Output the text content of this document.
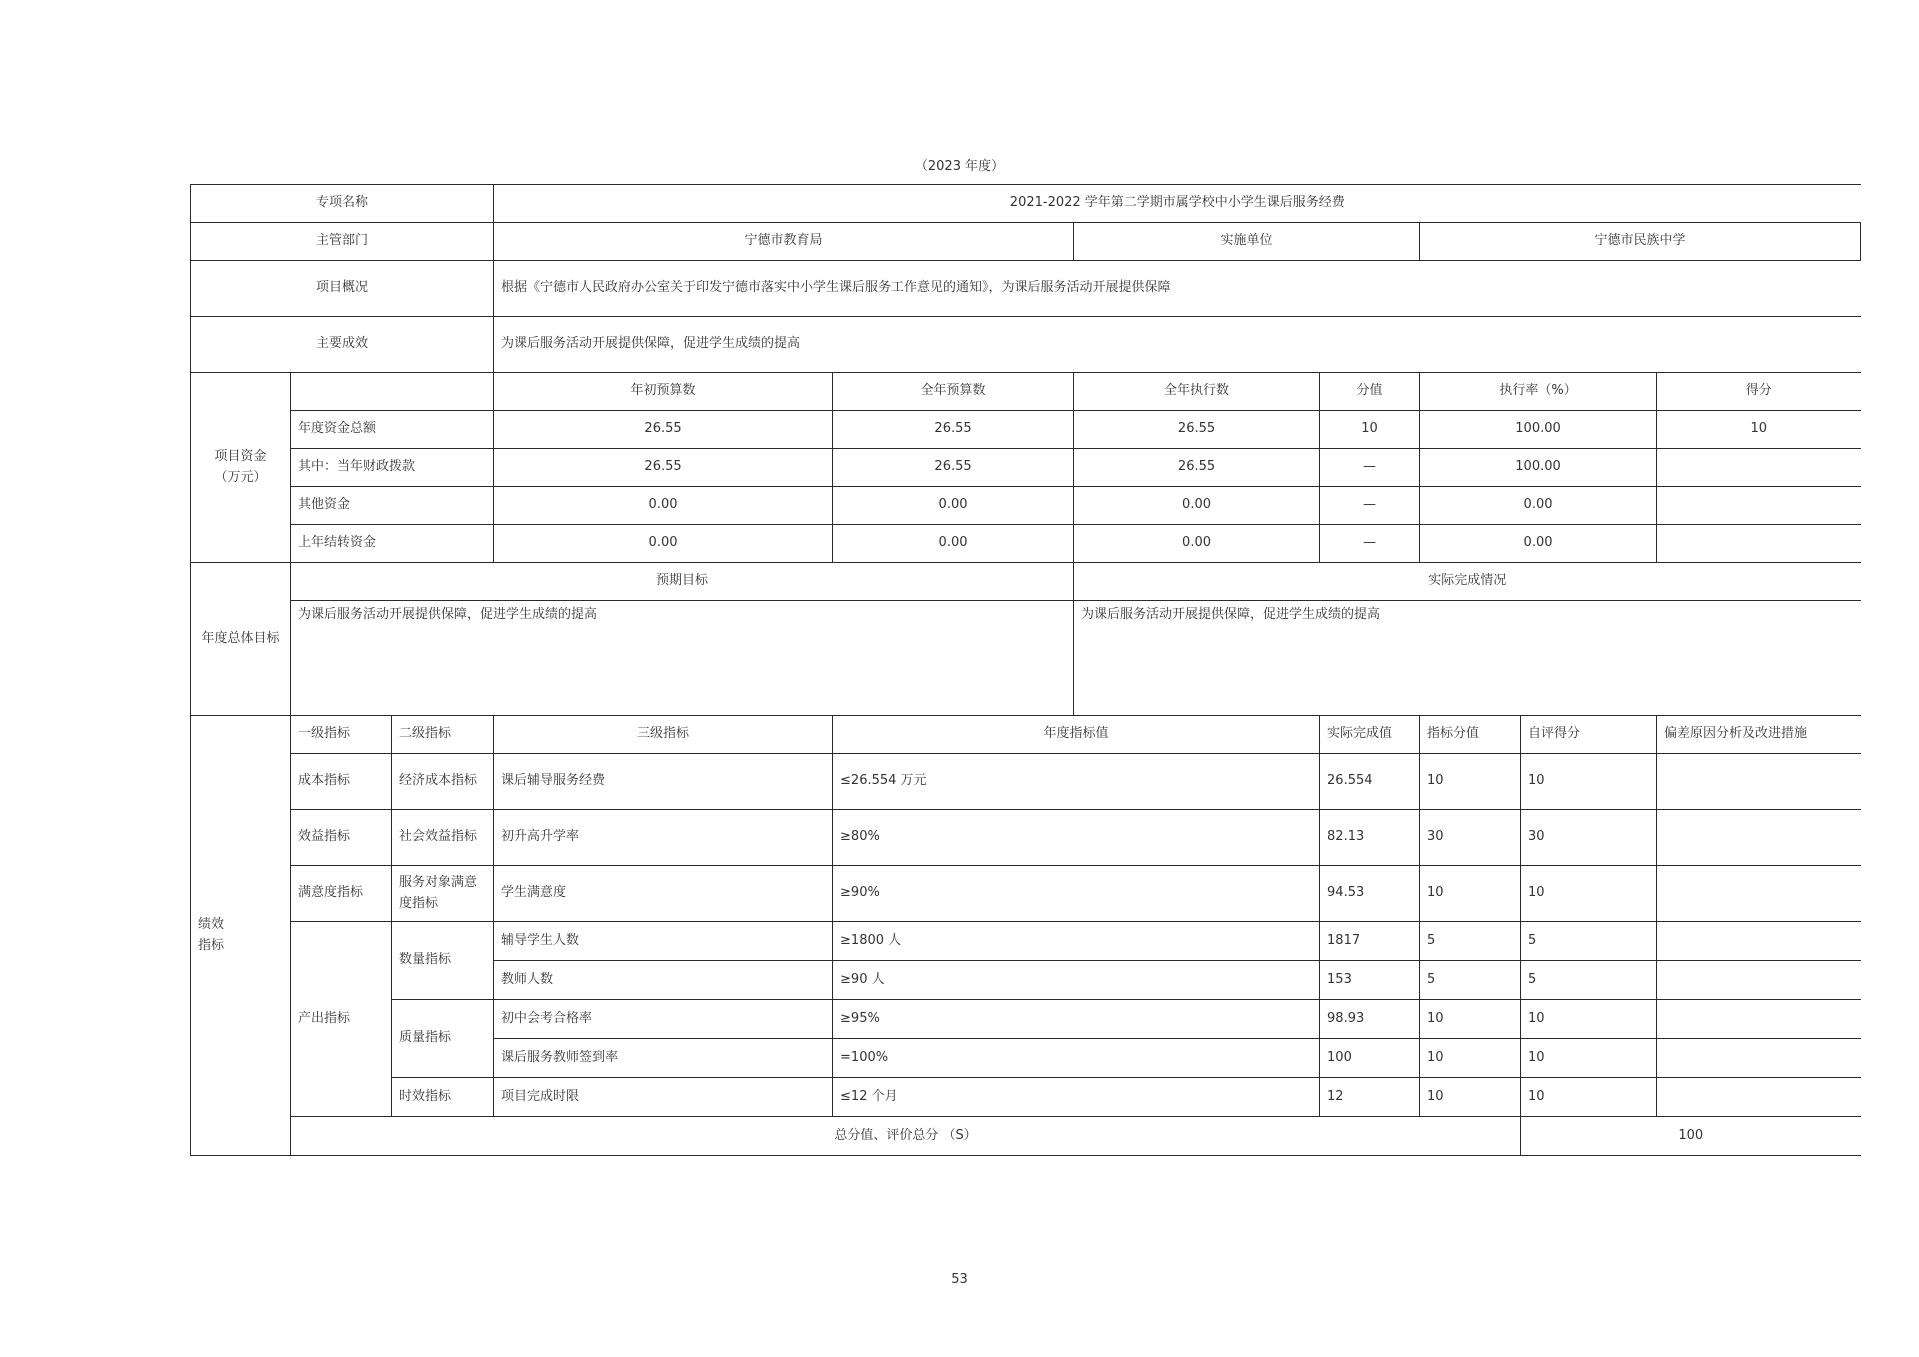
（2023 年度）
专项名称			2021-2022 学年第二学期市属学校中小学生课后服务经费						
主管部门			宁德市教育局		实施单位		宁德市民族中学		
项目概况			根据《宁德市人民政府办公室关于印发宁德市落实中小学生课后服务工作意见的通知》，为课后服务活动开展提供保障						
主要成效			为课后服务活动开展提供保障，促进学生成绩的提高						

项目资金
（万元）			年初预算数	全年预算数	全年执行数	分值	执行率（%）		得分
	年度资金总额		26.55	26.55	26.55	10	100.00		10
	其中：当年财政拨款		26.55	26.55	26.55	—	100.00		
	其他资金		0.00	0.00	0.00	—	0.00		
	上年结转资金		0.00	0.00	0.00	—	0.00		
年度总体目标	预期目标				实际完成情况				
	为课后服务活动开展提供保障，促进学生成绩的提高				为课后服务活动开展提供保障，促进学生成绩的提高				

绩效
指标	一级指标	二级指标	三级指标	年度指标值		实际完成值	指标分值	自评得分	偏差原因分析及改进措施
	成本指标	经济成本指标	课后辅导服务经费	≤26.554 万元		26.554	10	10	
	效益指标	社会效益指标	初升高升学率	≥80%		82.13	30	30	
	满意度指标	服务对象满意度指标	学生满意度	≥90%		94.53	10	10	
	产出指标	数量指标	辅导学生人数	≥1800 人		1817	5	5	
			教师人数	≥90 人		153	5	5	
		质量指标	初中会考合格率	≥95%		98.93	10	10	
			课后服务教师签到率	=100%		100	10	10	
		时效指标	项目完成时限	≤12 个月		12	10	10	
	总分值、评价总分 （S）							100	
53
